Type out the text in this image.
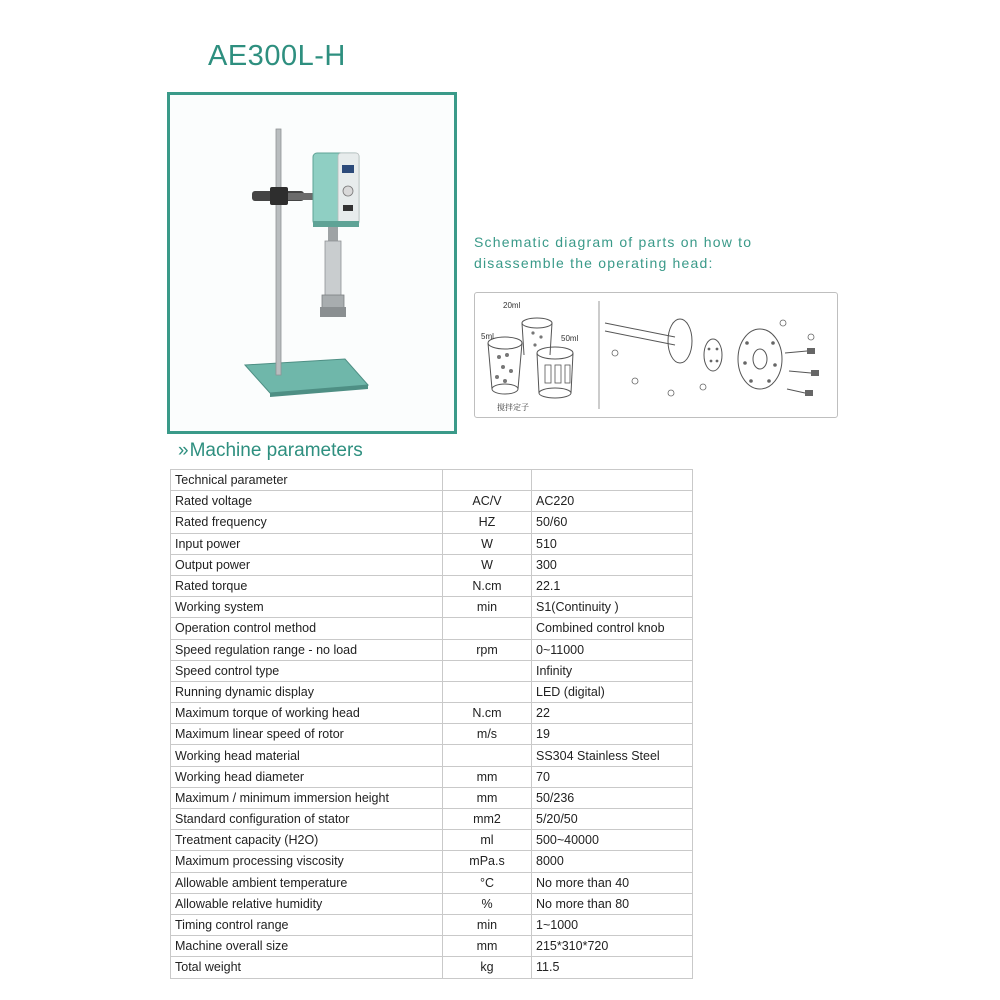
AE300L-H
Schematic diagram of parts on how to
disassemble the operating head:
20ml
5ml	50ml
搅拌定子
» Machine parameters
Technical parameter		
Rated voltage	AC/V	AC220
Rated frequency	HZ	50/60
Input power	W	510
Output power	W	300
Rated torque	N.cm	22.1
Working system	min	S1(Continuity )
Operation control method		Combined control knob
Speed regulation range - no load	rpm	0~11000
Speed control type		Infinity
Running dynamic display		LED (digital)
Maximum torque of working head	N.cm	22
Maximum linear speed of rotor	m/s	19
Working head material		SS304 Stainless Steel
Working head diameter	mm	70
Maximum / minimum immersion height	mm	50/236
Standard configuration of stator	mm2	5/20/50
Treatment capacity (H2O)	ml	500~40000
Maximum processing viscosity	mPa.s	8000
Allowable ambient temperature	°C	No more than 40
Allowable relative humidity	%	No more than 80
Timing control range	min	1~1000
Machine overall size	mm	215*310*720
Total weight	kg	11.5
